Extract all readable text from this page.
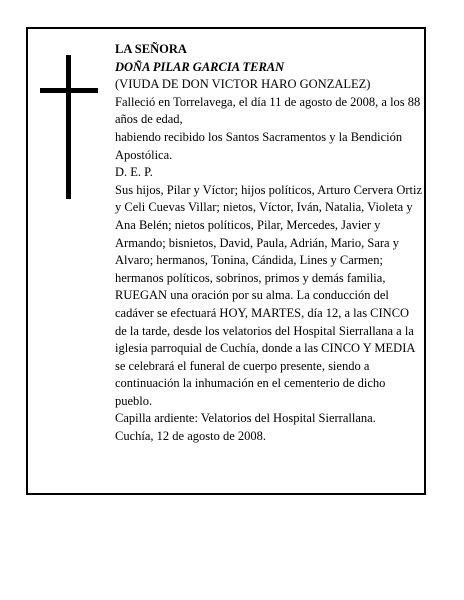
LA SEÑORA

DOÑA PILAR GARCIA TERAN

(VIUDA DE DON VICTOR HARO GONZALEZ)

Falleció en Torrelavega, el día 11 de agosto de 2008, a los 88 años de edad,

habiendo recibido los Santos Sacramentos y la Bendición Apostólica.

D. E. P.

Sus hijos, Pilar y Víctor; hijos políticos, Arturo Cervera Ortiz y Celi Cuevas Villar; nietos, Víctor, Iván, Natalia, Violeta y Ana Belén; nietos políticos, Pilar, Mercedes, Javier y Armando; bisnietos, David, Paula, Adrián, Mario, Sara y Alvaro; hermanos, Tonina, Cándida, Lines y Carmen; hermanos políticos, sobrinos, primos y demás familia,

RUEGAN una oración por su alma. La conducción del cadáver se efectuará HOY, MARTES, día 12, a las CINCO de la tarde, desde los velatorios del Hospital Sierrallana a la iglesia parroquial de Cuchía, donde a las CINCO Y MEDIA se celebrará el funeral de cuerpo presente, siendo a continuación la inhumación en el cementerio de dicho pueblo.

Capilla ardiente: Velatorios del Hospital Sierrallana.

Cuchía, 12 de agosto de 2008.
